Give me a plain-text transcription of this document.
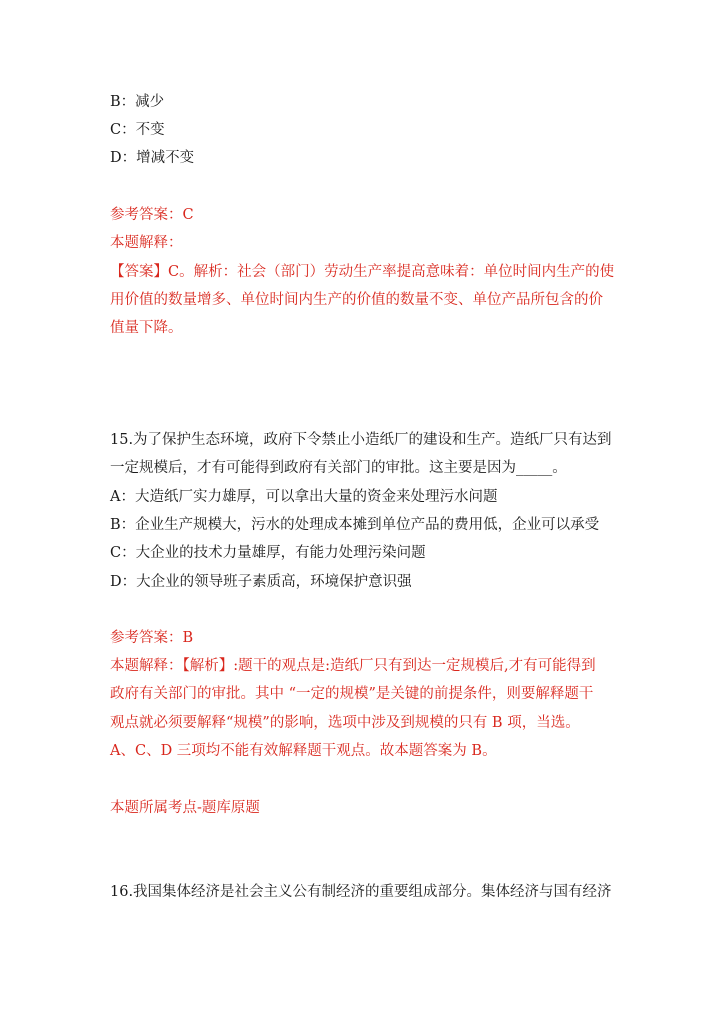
B：减少
C：不变
D：增减不变
参考答案：C
本题解释：
【答案】C。解析：社会（部门）劳动生产率提高意味着：单位时间内生产的使
用价值的数量增多、单位时间内生产的价值的数量不变、单位产品所包含的价
值量下降。
15.为了保护生态环境，政府下令禁止小造纸厂的建设和生产。造纸厂只有达到
一定规模后，才有可能得到政府有关部门的审批。这主要是因为_____。
A：大造纸厂实力雄厚，可以拿出大量的资金来处理污水问题
B：企业生产规模大，污水的处理成本摊到单位产品的费用低，企业可以承受
C：大企业的技术力量雄厚，有能力处理污染问题
D：大企业的领导班子素质高，环境保护意识强
参考答案：B
本题解释：【解析】:题干的观点是:造纸厂只有到达一定规模后,才有可能得到
政府有关部门的审批。其中 “一定的规模”是关键的前提条件，则要解释题干
观点就必须要解释“规模”的影响，选项中涉及到规模的只有 B 项，当选。
A、C、D 三项均不能有效解释题干观点。故本题答案为 B。
本题所属考点-题库原题
16.我国集体经济是社会主义公有制经济的重要组成部分。集体经济与国有经济
